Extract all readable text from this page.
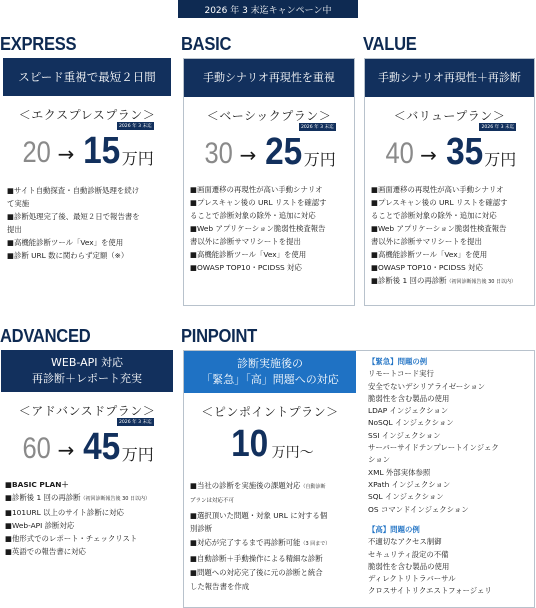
2026 年 3 末迄キャンペーン中
EXPRESS
スピード重視で最短２日間
＜エクスプレスプラン＞
20 →
2026 年 3 末迄
15 万円
■サイト自動探査・自動診断処理を続け
て実施
■診断処理完了後、最短２日で報告書を
提出
■高機能診断ツール「Vex」を使用
■診断 URL 数に関わらず定額（※）
BASIC
手動シナリオ再現性を重視
＜ベーシックプラン＞
30 →
2026 年 3 末迄
25 万円
■画面遷移の再現性が高い手動シナリオ
■プレスキャン後の URL リストを確認す
ることで診断対象の除外・追加に対応
■Web アプリケーション脆弱性検査報告
書以外に診断サマリシートを提出
■高機能診断ツール「Vex」を使用
■OWASP TOP10・PCIDSS 対応
VALUE
手動シナリオ再現性＋再診断
＜バリュープラン＞
40 →
2026 年 3 末迄
35 万円
■画面遷移の再現性が高い手動シナリオ
■プレスキャン後の URL リストを確認す
ることで診断対象の除外・追加に対応
■Web アプリケーション脆弱性検査報告
書以外に診断サマリシートを提出
■高機能診断ツール「Vex」を使用
■OWASP TOP10・PCIDSS 対応
■診断後 1 回の再診断（初回診断報告後 30 日以内）
ADVANCED
WEB-API 対応
再診断＋レポート充実
＜アドバンスドプラン＞
60 →
2026 年 3 末迄
45 万円
■BASIC PLAN＋
■診断後 1 回の再診断（初回診断報告後 30 日以内）
■101URL 以上のサイト診断に対応
■Web-API 診断対応
■他形式でのレポート・チェックリスト
■英語での報告書に対応
PINPOINT
診断実施後の
「緊急」「高」問題への対応
＜ピンポイントプラン＞
10 万円～
■当社の診断を実施後の課題対応（自動診断
プランは対応不可
■選択頂いた問題・対象 URL に対する個
別診断
■対応が完了するまで再診断可能（3 回まで）
■自動診断＋手動操作による精細な診断
■問題への対応完了後に元の診断と統合
した報告書を作成
【緊急】問題の例
リモートコード実行
安全でないデシリアライゼーション
脆弱性を含む製品の使用
LDAP インジェクション
NoSQL インジェクション
SSI インジェクション
サーバーサイドテンプレートインジェク
ション
XML 外部実体参照
XPath インジェクション
SQL インジェクション
OS コマンドインジェクション
【高】問題の例
不適切なアクセス制御
セキュリティ設定の不備
脆弱性を含む製品の使用
ディレクトリトラバーサル
クロスサイトリクエストフォージェリ
